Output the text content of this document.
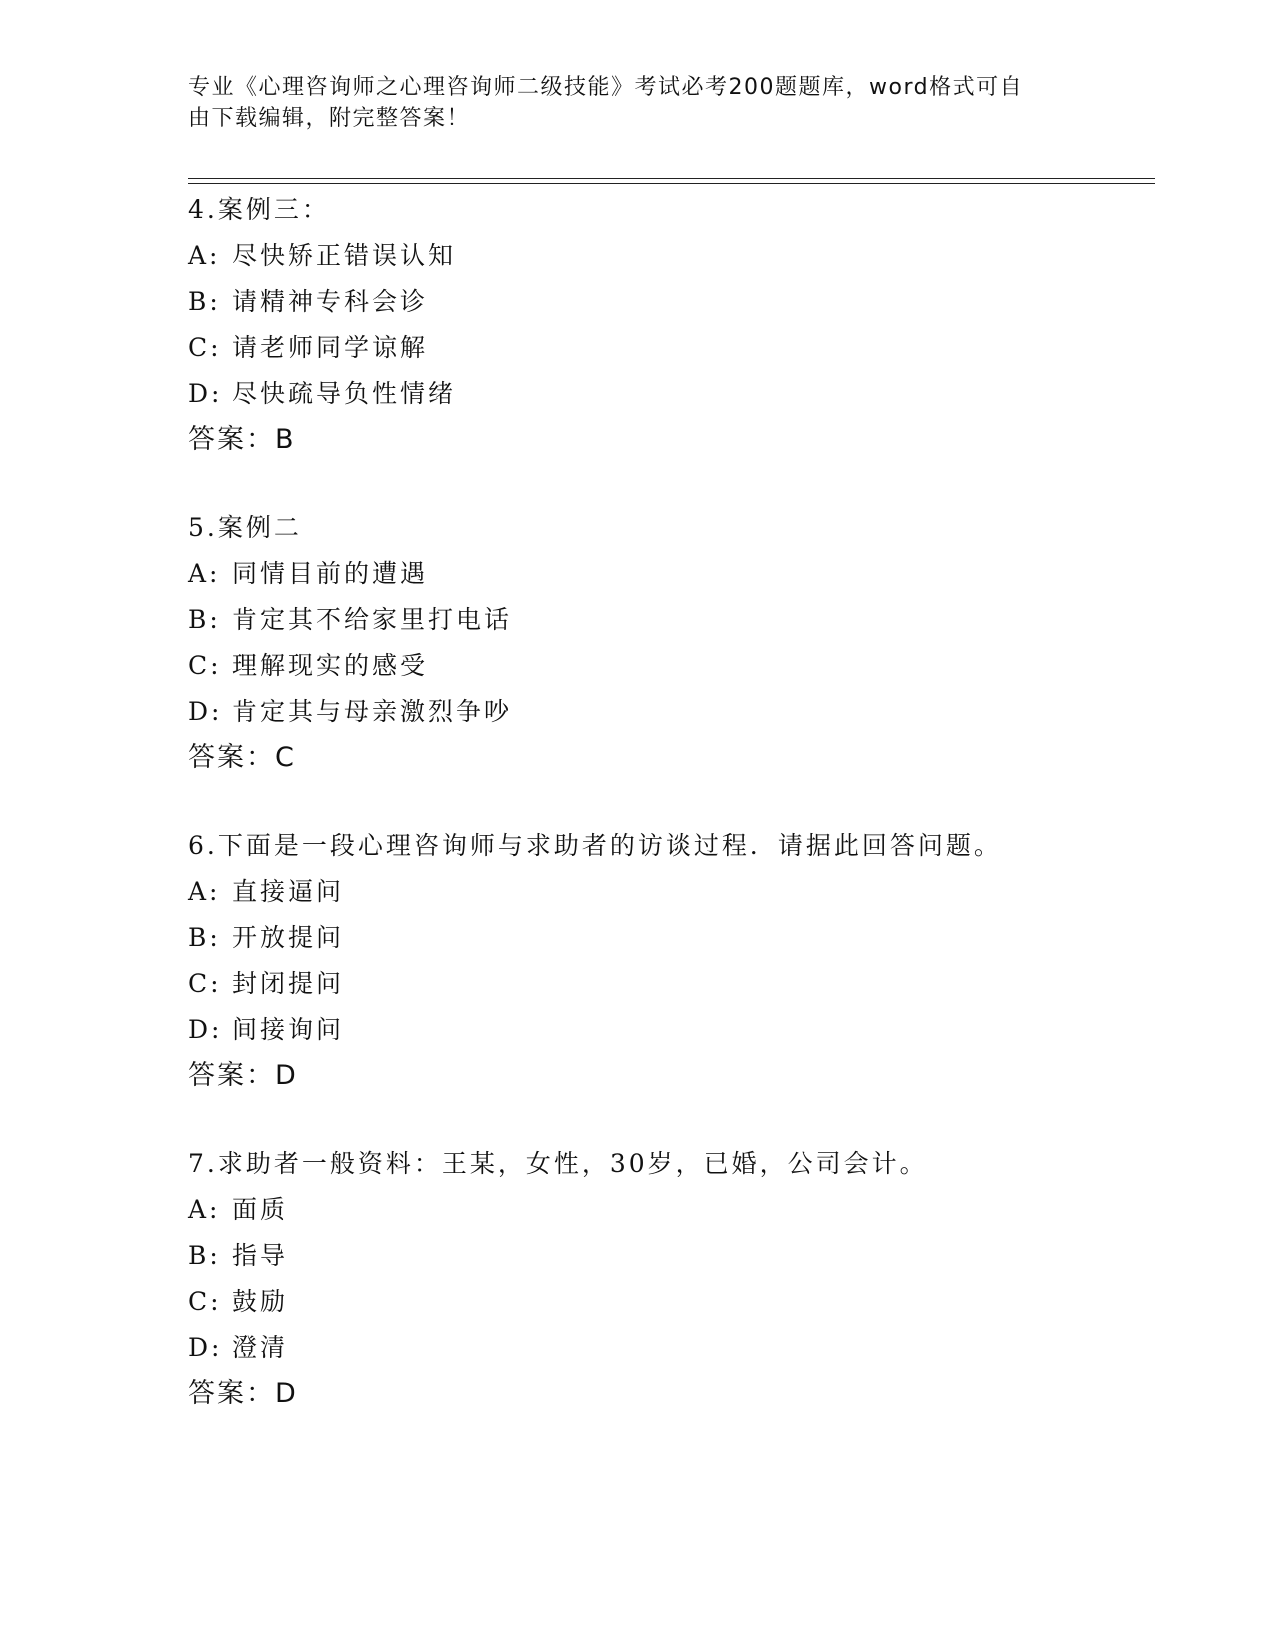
专业《心理咨询师之心理咨询师二级技能》考试必考200题题库，word格式可自
由下载编辑，附完整答案！
4.案例三：
A: 尽快矫正错误认知
B: 请精神专科会诊
C: 请老师同学谅解
D: 尽快疏导负性情绪
答案：B
5.案例二
A: 同情目前的遭遇
B: 肯定其不给家里打电话
C: 理解现实的感受
D: 肯定其与母亲激烈争吵
答案：C
6.下面是一段心理咨询师与求助者的访谈过程．请据此回答问题。
A: 直接逼问
B: 开放提问
C: 封闭提问
D: 间接询问
答案：D
7.求助者一般资料：王某，女性，30岁，已婚，公司会计。
A: 面质
B: 指导
C: 鼓励
D: 澄清
答案：D
